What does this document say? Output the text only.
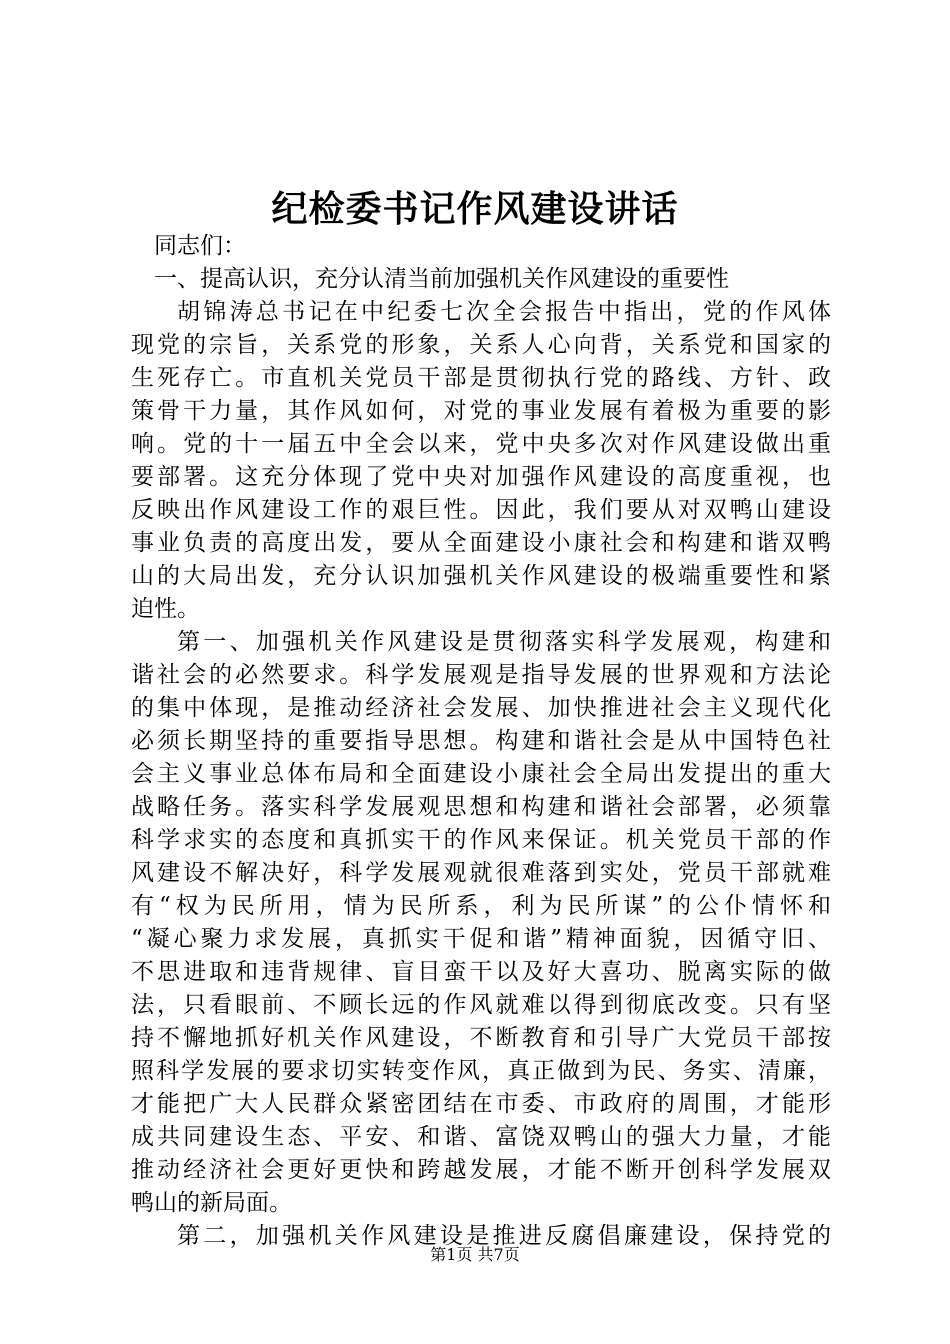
纪检委书记作风建设讲话
同志们：
一、提高认识，充分认清当前加强机关作风建设的重要性
胡锦涛总书记在中纪委七次全会报告中指出，党的作风体
现党的宗旨，关系党的形象，关系人心向背，关系党和国家的
生死存亡。市直机关党员干部是贯彻执行党的路线、方针、政
策骨干力量，其作风如何，对党的事业发展有着极为重要的影
响。党的十一届五中全会以来，党中央多次对作风建设做出重
要部署。这充分体现了党中央对加强作风建设的高度重视，也
反映出作风建设工作的艰巨性。因此，我们要从对双鸭山建设
事业负责的高度出发，要从全面建设小康社会和构建和谐双鸭
山的大局出发，充分认识加强机关作风建设的极端重要性和紧
迫性。
第一、加强机关作风建设是贯彻落实科学发展观，构建和
谐社会的必然要求。科学发展观是指导发展的世界观和方法论
的集中体现，是推动经济社会发展、加快推进社会主义现代化
必须长期坚持的重要指导思想。构建和谐社会是从中国特色社
会主义事业总体布局和全面建设小康社会全局出发提出的重大
战略任务。落实科学发展观思想和构建和谐社会部署，必须靠
科学求实的态度和真抓实干的作风来保证。机关党员干部的作
风建设不解决好，科学发展观就很难落到实处，党员干部就难
有“权为民所用，情为民所系，利为民所谋”的公仆情怀和
“凝心聚力求发展，真抓实干促和谐”精神面貌，因循守旧、
不思进取和违背规律、盲目蛮干以及好大喜功、脱离实际的做
法，只看眼前、不顾长远的作风就难以得到彻底改变。只有坚
持不懈地抓好机关作风建设，不断教育和引导广大党员干部按
照科学发展的要求切实转变作风，真正做到为民、务实、清廉，
才能把广大人民群众紧密团结在市委、市政府的周围，才能形
成共同建设生态、平安、和谐、富饶双鸭山的强大力量，才能
推动经济社会更好更快和跨越发展，才能不断开创科学发展双
鸭山的新局面。
第二，加强机关作风建设是推进反腐倡廉建设，保持党的
第1页 共7页
